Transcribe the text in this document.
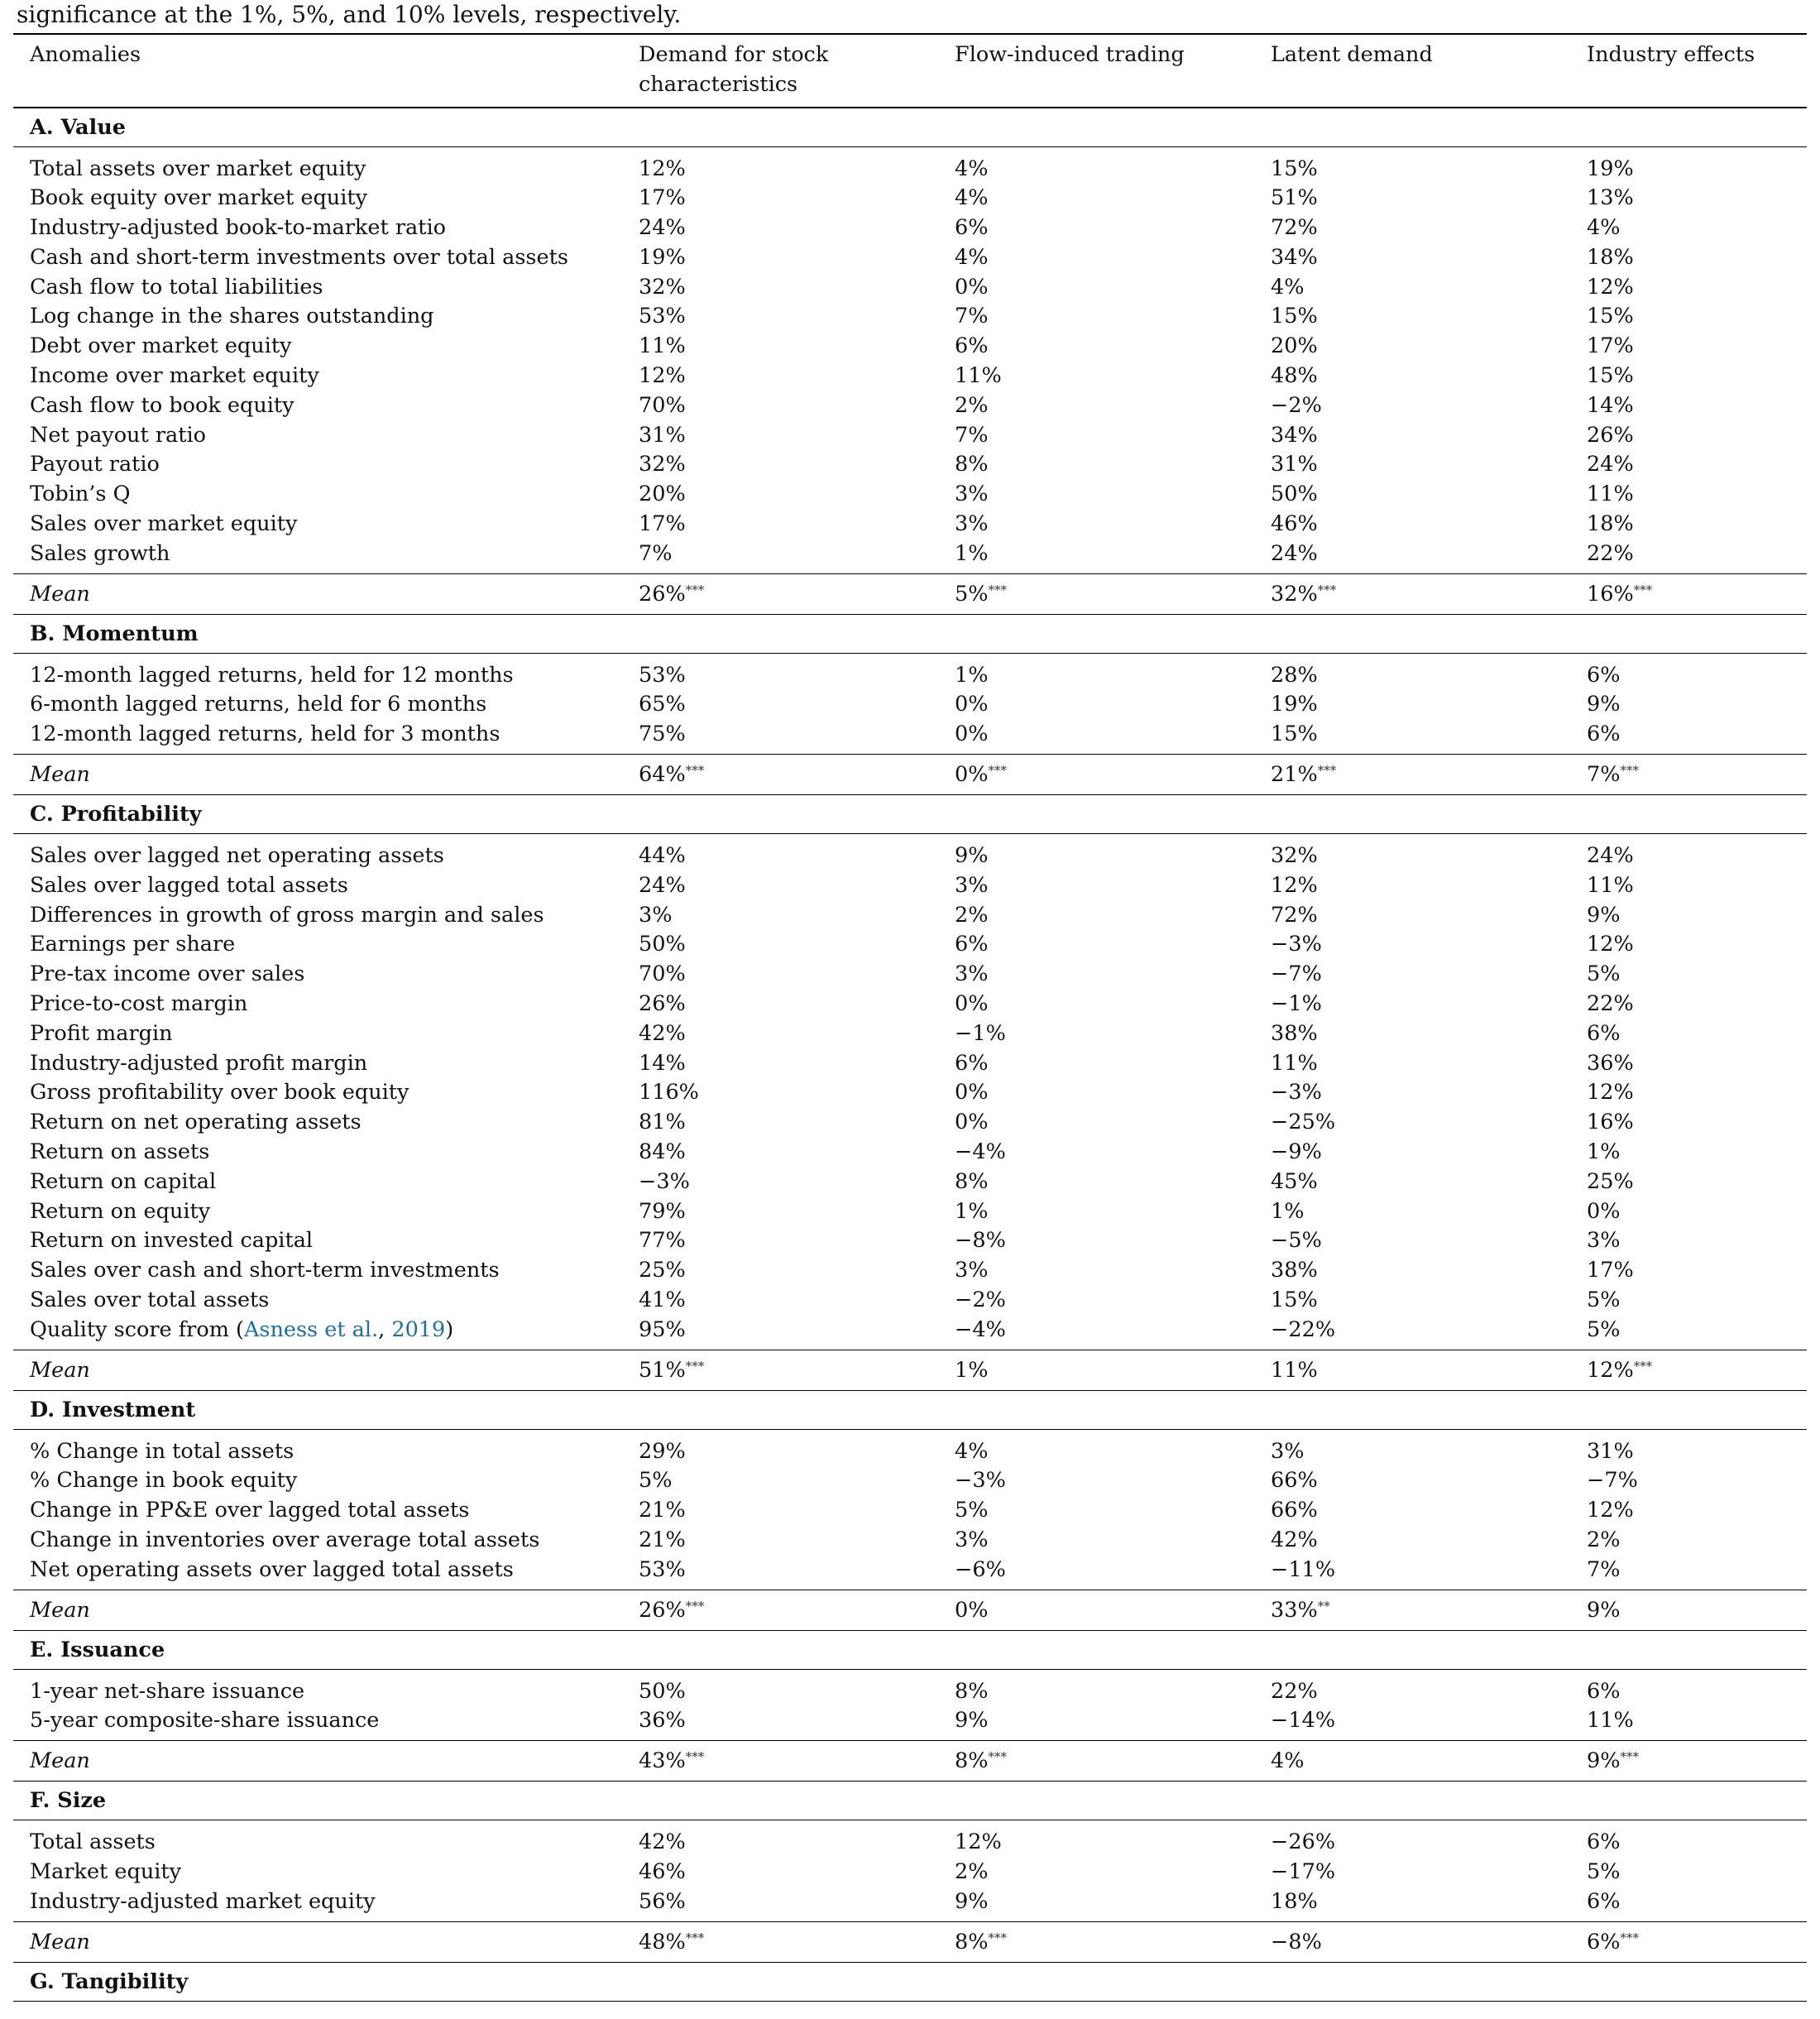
significance at the 1%, 5%, and 10% levels, respectively.
Anomalies	Demand for stock characteristics	Flow-induced trading	Latent demand	Industry effects
A. Value				
Total assets over market equity	12%	4%	15%	19%
Book equity over market equity	17%	4%	51%	13%
Industry-adjusted book-to-market ratio	24%	6%	72%	4%
Cash and short-term investments over total assets	19%	4%	34%	18%
Cash flow to total liabilities	32%	0%	4%	12%
Log change in the shares outstanding	53%	7%	15%	15%
Debt over market equity	11%	6%	20%	17%
Income over market equity	12%	11%	48%	15%
Cash flow to book equity	70%	2%	−2%	14%
Net payout ratio	31%	7%	34%	26%
Payout ratio	32%	8%	31%	24%
Tobin’s Q	20%	3%	50%	11%
Sales over market equity	17%	3%	46%	18%
Sales growth	7%	1%	24%	22%
Mean	26%***	5%***	32%***	16%***
B. Momentum				
12-month lagged returns, held for 12 months	53%	1%	28%	6%
6-month lagged returns, held for 6 months	65%	0%	19%	9%
12-month lagged returns, held for 3 months	75%	0%	15%	6%
Mean	64%***	0%***	21%***	7%***
C. Profitability				
Sales over lagged net operating assets	44%	9%	32%	24%
Sales over lagged total assets	24%	3%	12%	11%
Differences in growth of gross margin and sales	3%	2%	72%	9%
Earnings per share	50%	6%	−3%	12%
Pre-tax income over sales	70%	3%	−7%	5%
Price-to-cost margin	26%	0%	−1%	22%
Profit margin	42%	−1%	38%	6%
Industry-adjusted profit margin	14%	6%	11%	36%
Gross profitability over book equity	116%	0%	−3%	12%
Return on net operating assets	81%	0%	−25%	16%
Return on assets	84%	−4%	−9%	1%
Return on capital	−3%	8%	45%	25%
Return on equity	79%	1%	1%	0%
Return on invested capital	77%	−8%	−5%	3%
Sales over cash and short-term investments	25%	3%	38%	17%
Sales over total assets	41%	−2%	15%	5%
Quality score from (Asness et al., 2019)	95%	−4%	−22%	5%
Mean	51%***	1%	11%	12%***
D. Investment				
% Change in total assets	29%	4%	3%	31%
% Change in book equity	5%	−3%	66%	−7%
Change in PP&E over lagged total assets	21%	5%	66%	12%
Change in inventories over average total assets	21%	3%	42%	2%
Net operating assets over lagged total assets	53%	−6%	−11%	7%
Mean	26%***	0%	33%**	9%
E. Issuance				
1-year net-share issuance	50%	8%	22%	6%
5-year composite-share issuance	36%	9%	−14%	11%
Mean	43%***	8%***	4%	9%***
F. Size				
Total assets	42%	12%	−26%	6%
Market equity	46%	2%	−17%	5%
Industry-adjusted market equity	56%	9%	18%	6%
Mean	48%***	8%***	−8%	6%***
G. Tangibility				
